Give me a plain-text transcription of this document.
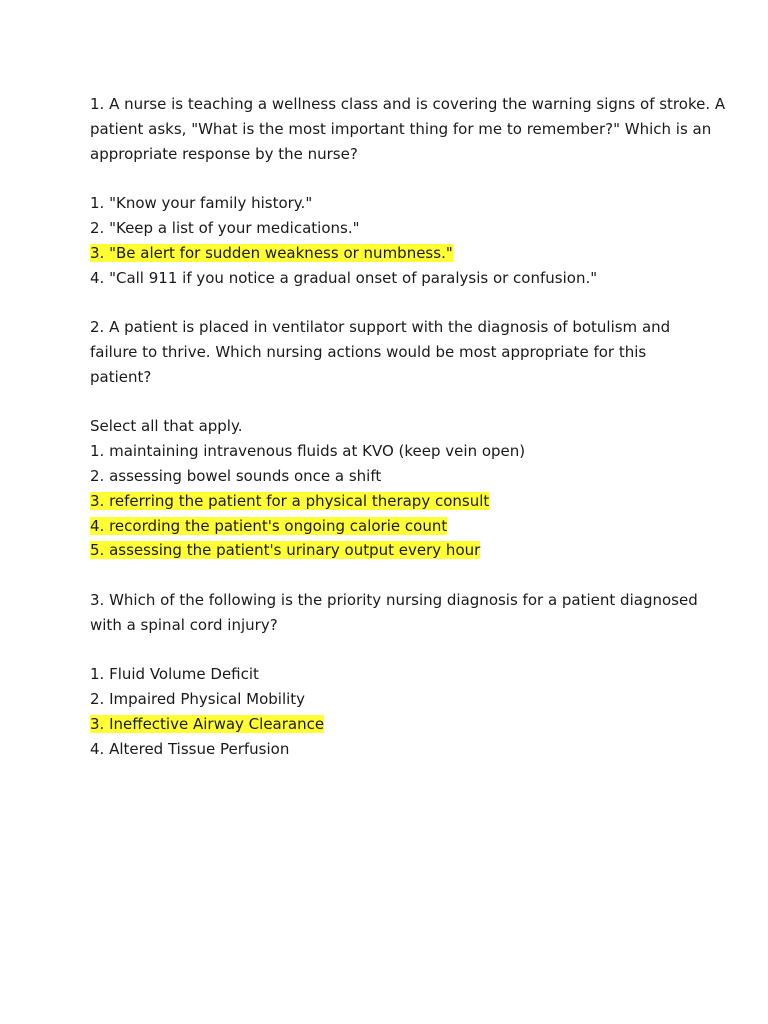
1. A nurse is teaching a wellness class and is covering the warning signs of stroke. A
patient asks, "What is the most important thing for me to remember?" Which is an
appropriate response by the nurse?
1. "Know your family history."
2. "Keep a list of your medications."
3. "Be alert for sudden weakness or numbness."
4. "Call 911 if you notice a gradual onset of paralysis or confusion."
2. A patient is placed in ventilator support with the diagnosis of botulism and
failure to thrive. Which nursing actions would be most appropriate for this
patient?
Select all that apply.
1. maintaining intravenous fluids at KVO (keep vein open)
2. assessing bowel sounds once a shift
3. referring the patient for a physical therapy consult
4. recording the patient's ongoing calorie count
5. assessing the patient's urinary output every hour
3. Which of the following is the priority nursing diagnosis for a patient diagnosed
with a spinal cord injury?
1. Fluid Volume Deficit
2. Impaired Physical Mobility
3. Ineffective Airway Clearance
4. Altered Tissue Perfusion
